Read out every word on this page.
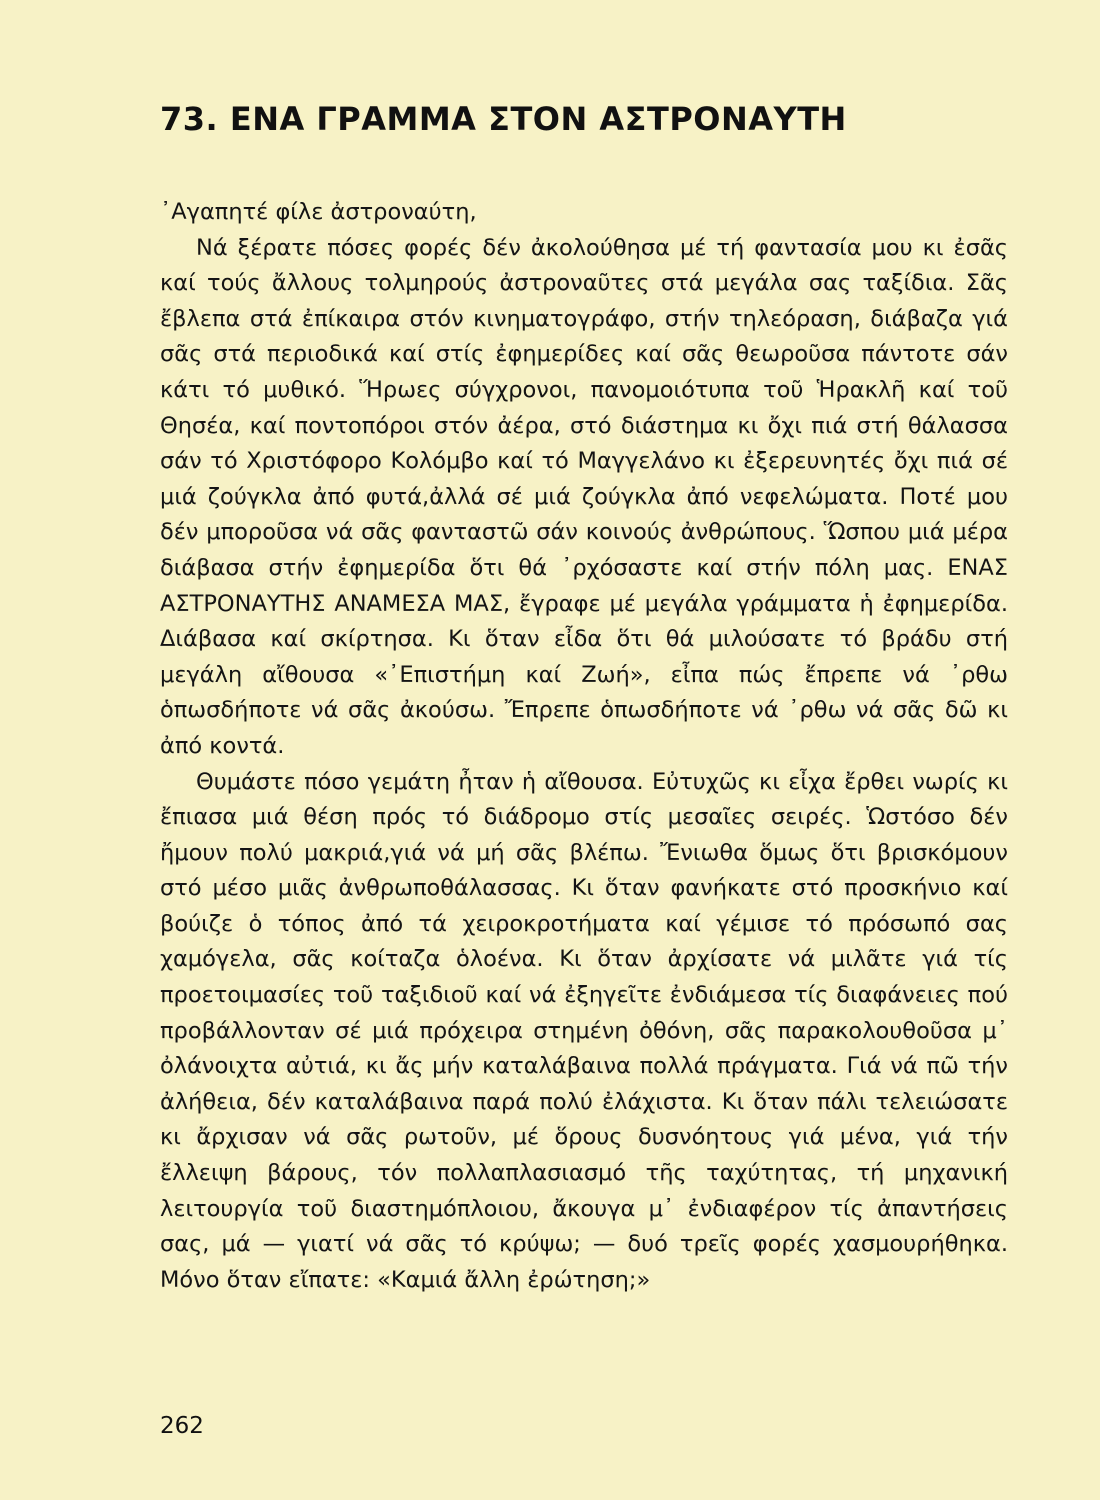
73. ΕΝΑ ΓΡΑΜΜΑ ΣΤΟΝ ΑΣΤΡΟΝΑΥΤΗ

᾿Αγαπητέ φίλε ἀστροναύτη,

Νά ξέρατε πόσες φορές δέν ἀκολούθησα μέ τή φαντασία μου κι ἐσᾶς καί τούς ἄλλους τολμηρούς ἀστροναῦτες στά μεγάλα σας ταξίδια. Σᾶς ἔβλεπα στά ἐπίκαιρα στόν κινηματογράφο, στήν τηλεόραση, διάβαζα γιά σᾶς στά περιοδικά καί στίς ἐφημερίδες καί σᾶς θεωροῦσα πάντοτε σάν κάτι τό μυθικό. Ἥρωες σύγχρονοι, πανομοιότυπα τοῦ Ἡρακλῆ καί τοῦ Θησέα, καί ποντοπόροι στόν ἀέρα, στό διάστημα κι ὄχι πιά στή θάλασσα σάν τό Χριστόφορο Κολόμβο καί τό Μαγγελάνο κι ἐξερευνητές ὄχι πιά σέ μιά ζούγκλα ἀπό φυτά,ἀλλά σέ μιά ζούγκλα ἀπό νεφελώματα. Ποτέ μου δέν μποροῦσα νά σᾶς φανταστῶ σάν κοινούς ἀνθρώπους. Ὥσπου μιά μέρα διάβασα στήν ἐφημερίδα ὅτι θά ᾿ρχόσαστε καί στήν πόλη μας. ΕΝΑΣ ΑΣΤΡΟΝΑΥΤΗΣ ΑΝΑΜΕΣΑ ΜΑΣ, ἔγραφε μέ μεγάλα γράμματα ἡ ἐφημερίδα. Διάβασα καί σκίρτησα. Κι ὅταν εἶδα ὅτι θά μιλούσατε τό βράδυ στή μεγάλη αἴθουσα «᾿Επιστήμη καί Ζωή», εἶπα πώς ἔπρεπε νά ᾿ρθω ὁπωσδήποτε νά σᾶς ἀκούσω. Ἔπρεπε ὁπωσδήποτε νά ᾿ρθω νά σᾶς δῶ κι ἀπό κοντά.

Θυμάστε πόσο γεμάτη ἦταν ἡ αἴθουσα. Εὐτυχῶς κι εἶχα ἔρθει νωρίς κι ἔπιασα μιά θέση πρός τό διάδρομο στίς μεσαῖες σειρές. Ὡστόσο δέν ἤμουν πολύ μακριά,γιά νά μή σᾶς βλέπω. Ἔνιωθα ὅμως ὅτι βρισκόμουν στό μέσο μιᾶς ἀνθρωποθάλασσας. Κι ὅταν φανήκατε στό προσκήνιο καί βούιζε ὁ τόπος ἀπό τά χειροκροτήματα καί γέμισε τό πρόσωπό σας χαμόγελα, σᾶς κοίταζα ὁλοένα. Κι ὅταν ἀρχίσατε νά μιλᾶτε γιά τίς προετοιμασίες τοῦ ταξιδιοῦ καί νά ἐξηγεῖτε ἐνδιάμεσα τίς διαφάνειες πού προβάλλονταν σέ μιά πρόχειρα στημένη ὀθόνη, σᾶς παρακολουθοῦσα μ᾿ ὀλάνοιχτα αὐτιά, κι ἄς μήν καταλάβαινα πολλά πράγματα. Γιά νά πῶ τήν ἀλήθεια, δέν καταλάβαινα παρά πολύ ἐλάχιστα. Κι ὅταν πάλι τελειώσατε κι ἄρχισαν νά σᾶς ρωτοῦν, μέ ὅρους δυσνόητους γιά μένα, γιά τήν ἔλλειψη βάρους, τόν πολλαπλασιασμό τῆς ταχύτητας, τή μηχανική λειτουργία τοῦ διαστημόπλοιου, ἄκουγα μ᾿ ἐνδιαφέρον τίς ἀπαντήσεις σας, μά — γιατί νά σᾶς τό κρύψω; — δυό τρεῖς φορές χασμουρήθηκα. Μόνο ὅταν εἴπατε: «Καμιά ἄλλη ἐρώτηση;»

262
